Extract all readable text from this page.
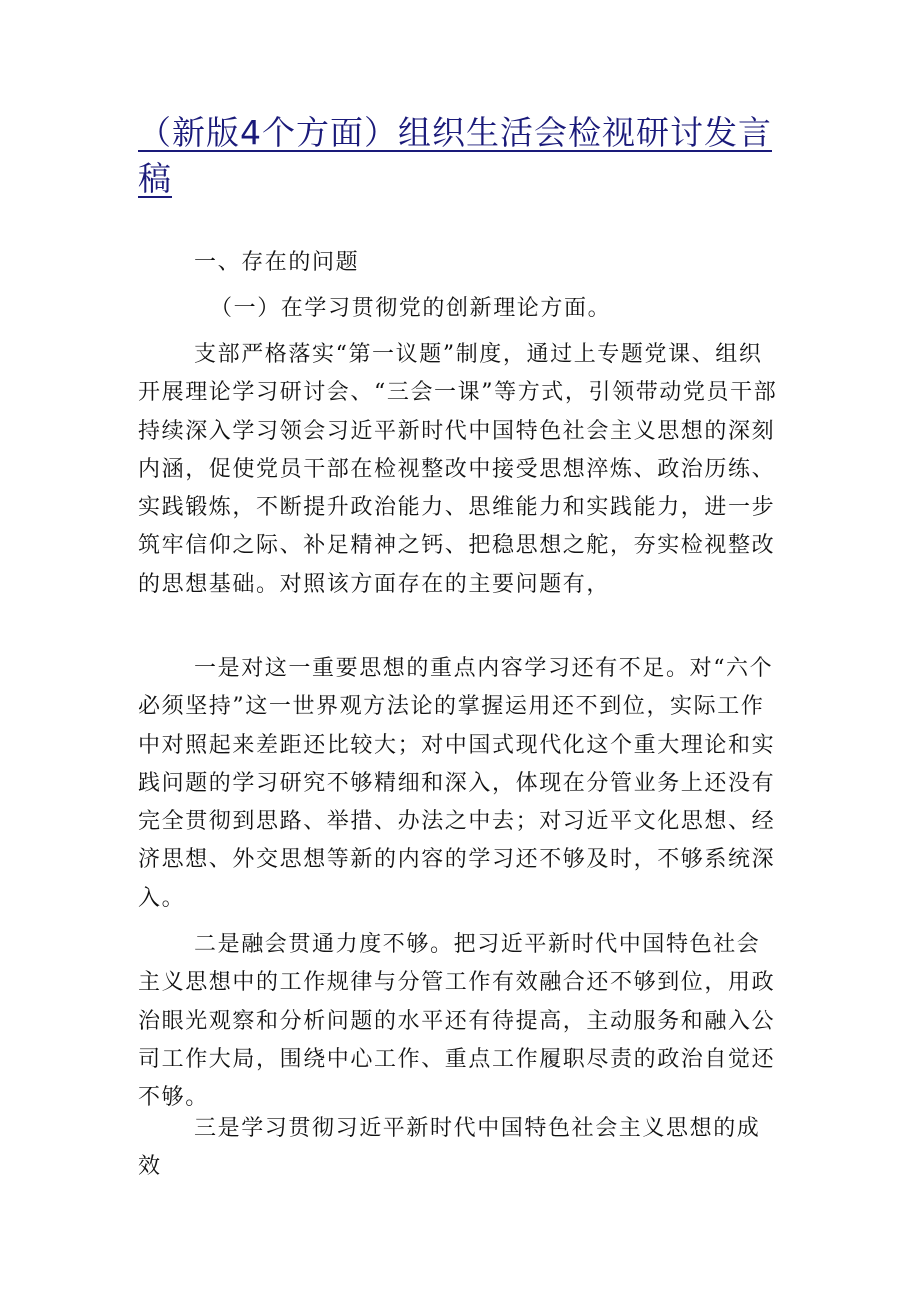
（新版4个方面）组织生活会检视研讨发言稿

一、存在的问题

（一）在学习贯彻党的创新理论方面。

支部严格落实“第一议题”制度，通过上专题党课、组织开展理论学习研讨会、“三会一课”等方式，引领带动党员干部持续深入学习领会习近平新时代中国特色社会主义思想的深刻内涵，促使党员干部在检视整改中接受思想淬炼、政治历练、实践锻炼，不断提升政治能力、思维能力和实践能力，进一步筑牢信仰之际、补足精神之钙、把稳思想之舵，夯实检视整改的思想基础。对照该方面存在的主要问题有，

一是对这一重要思想的重点内容学习还有不足。对“六个必须坚持”这一世界观方法论的掌握运用还不到位，实际工作中对照起来差距还比较大；对中国式现代化这个重大理论和实践问题的学习研究不够精细和深入，体现在分管业务上还没有完全贯彻到思路、举措、办法之中去；对习近平文化思想、经济思想、外交思想等新的内容的学习还不够及时，不够系统深入。

二是融会贯通力度不够。把习近平新时代中国特色社会主义思想中的工作规律与分管工作有效融合还不够到位，用政治眼光观察和分析问题的水平还有待提高，主动服务和融入公司工作大局，围绕中心工作、重点工作履职尽责的政治自觉还不够。

三是学习贯彻习近平新时代中国特色社会主义思想的成效
